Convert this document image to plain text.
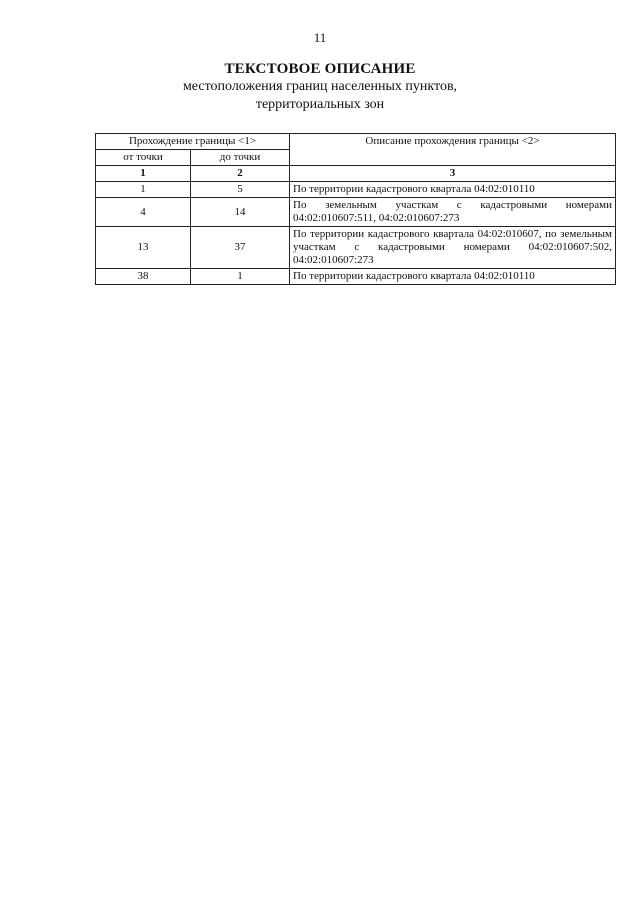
11
ТЕКСТОВОЕ ОПИСАНИЕ
местоположения границ населенных пунктов,
территориальных зон
Прохождение границы <1>		Описание прохождения границы <2>
от точки	до точки	
1	2	3
1	5	По территории кадастрового квартала 04:02:010110
4	14	По земельным участкам с кадастровыми номерами 04:02:010607:511, 04:02:010607:273
13	37	По территории кадастрового квартала 04:02:010607, по земельным участкам с кадастровыми номерами 04:02:010607:502, 04:02:010607:273
38	1	По территории кадастрового квартала 04:02:010110
